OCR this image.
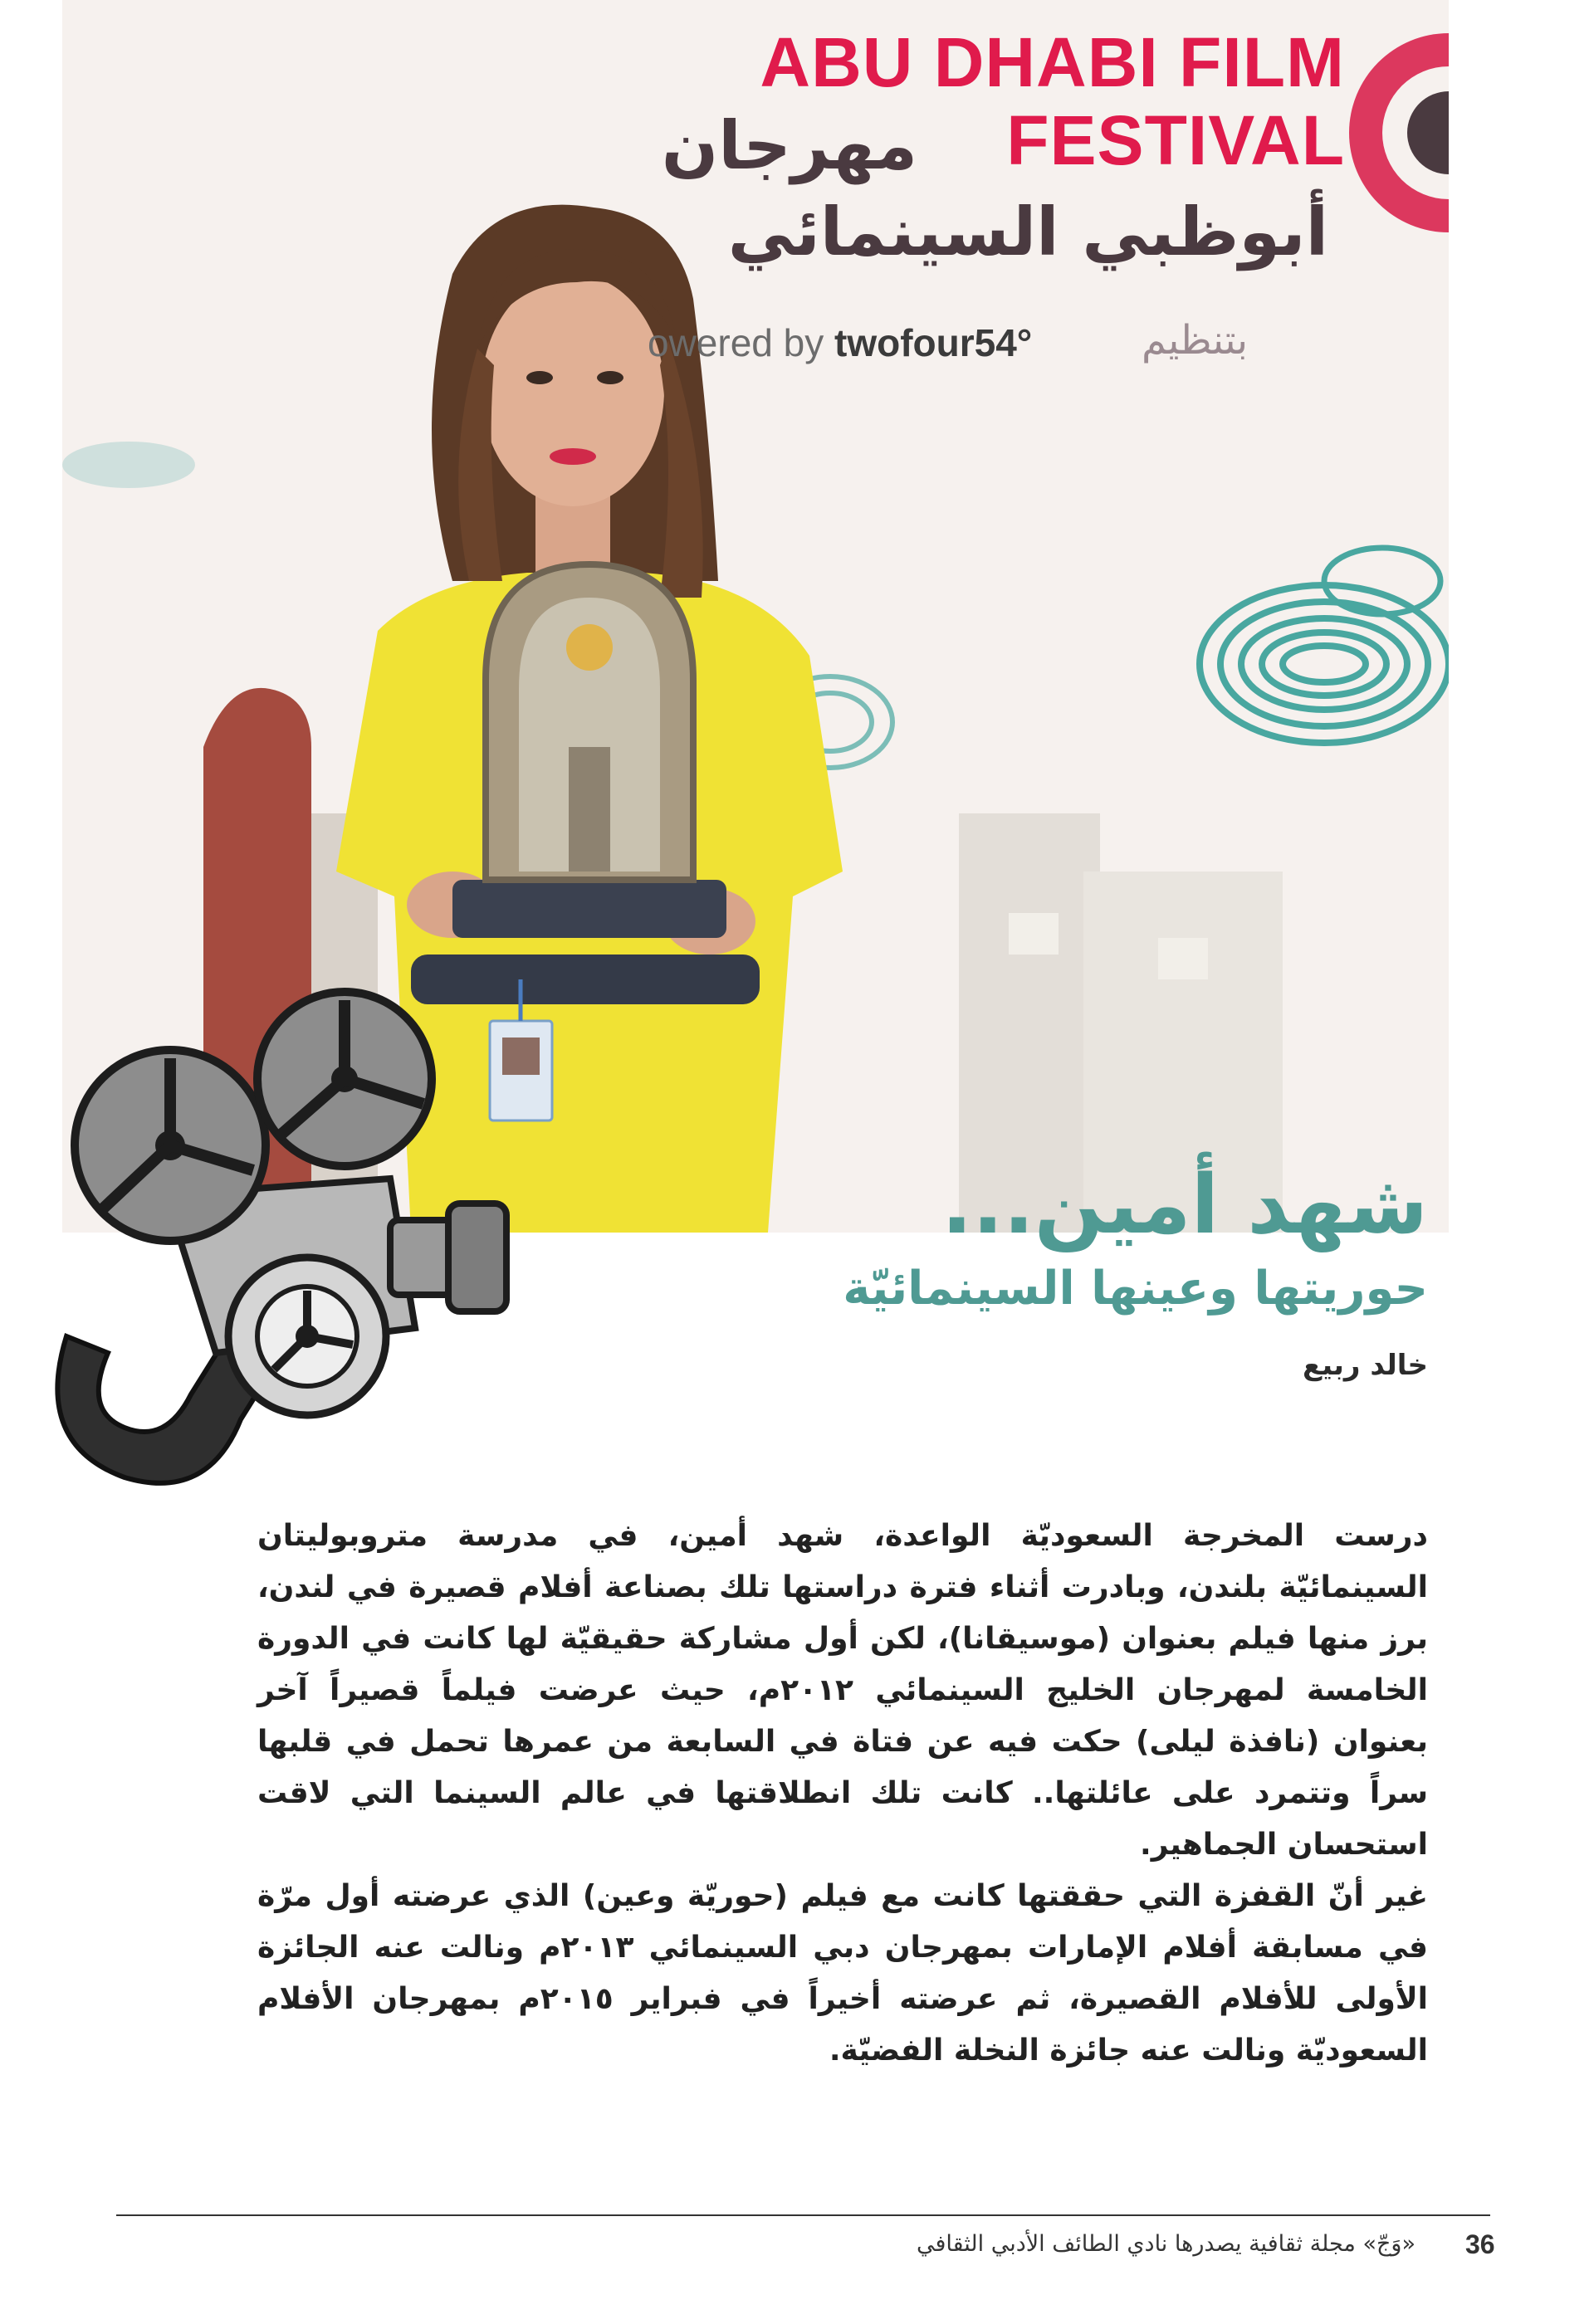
ABU DHABI FILM
FESTIVAL
مهرجان
أبوظبي السينمائي
owered by twofour54°	بتنظيم
شهد أمين...
حوريتها وعينها السينمائيّة
خالد ربيع

درست المخرجة السعوديّة الواعدة، شهد أمين، في مدرسة متروبوليتان السينمائيّة بلندن، وبادرت أثناء فترة دراستها تلك بصناعة أفلام قصيرة في لندن، برز منها فيلم بعنوان (موسيقانا)، لكن أول مشاركة حقيقيّة لها كانت في الدورة الخامسة لمهرجان الخليج السينمائي ٢٠١٢م، حيث عرضت فيلماً قصيراً آخر بعنوان (نافذة ليلى) حكت فيه عن فتاة في السابعة من عمرها تحمل في قلبها سراً وتتمرد على عائلتها.. كانت تلك انطلاقتها في عالم السينما التي لاقت استحسان الجماهير.

غير أنّ القفزة التي حققتها كانت مع فيلم (حوريّة وعين) الذي عرضته أول مرّة في مسابقة أفلام الإمارات بمهرجان دبي السينمائي ٢٠١٣م ونالت عنه الجائزة الأولى للأفلام القصيرة، ثم عرضته أخيراً في فبراير ٢٠١٥م بمهرجان الأفلام السعوديّة ونالت عنه جائزة النخلة الفضيّة.

36
«وَجّ» مجلة ثقافية يصدرها نادي الطائف الأدبي الثقافي
